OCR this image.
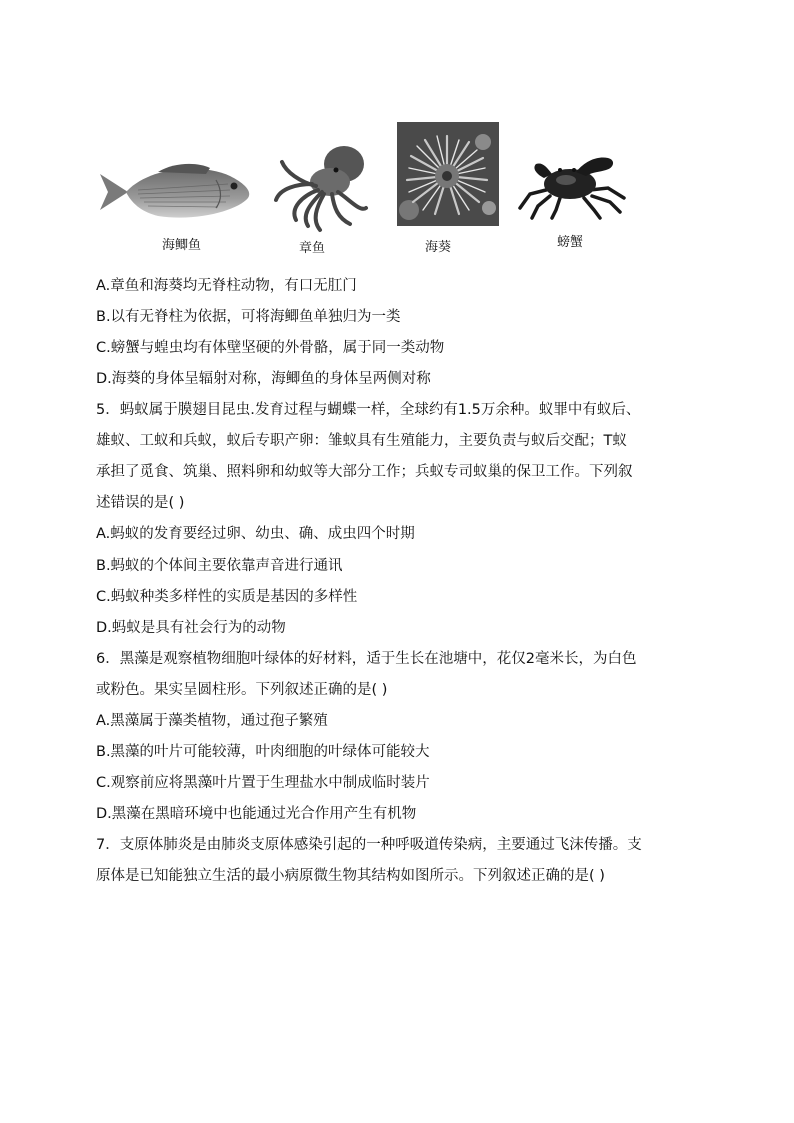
海鲫鱼	章鱼	海葵	螃蟹
A.章鱼和海葵均无脊柱动物，有口无肛门
B.以有无脊柱为依据，可将海鲫鱼单独归为一类
C.螃蟹与蝗虫均有体壁坚硬的外骨骼，属于同一类动物
D.海葵的身体呈辐射对称，海鲫鱼的身体呈两侧对称
5．蚂蚁属于膜翅目昆虫.发育过程与蝴蝶一样，全球约有1.5万余种。蚁罪中有蚁后、
雄蚁、工蚁和兵蚁，蚁后专职产卵：雏蚁具有生殖能力，主要负责与蚁后交配；T蚁
承担了觅食、筑巢、照料卵和幼蚁等大部分工作；兵蚁专司蚁巢的保卫工作。下列叙
述错误的是( )
A.蚂蚁的发育要经过卵、幼虫、确、成虫四个时期
B.蚂蚁的个体间主要依靠声音进行通讯
C.蚂蚁种类多样性的实质是基因的多样性
D.蚂蚁是具有社会行为的动物
6．黑藻是观察植物细胞叶绿体的好材料，适于生长在池塘中，花仅2毫米长，为白色
或粉色。果实呈圆柱形。下列叙述正确的是( )
A.黑藻属于藻类植物，通过孢子繁殖
B.黑藻的叶片可能较薄，叶肉细胞的叶绿体可能较大
C.观察前应将黑藻叶片置于生理盐水中制成临时装片
D.黑藻在黑暗环境中也能通过光合作用产生有机物
7．支原体肺炎是由肺炎支原体感染引起的一种呼吸道传染病，主要通过飞沫传播。支
原体是已知能独立生活的最小病原微生物其结构如图所示。下列叙述正确的是( )
